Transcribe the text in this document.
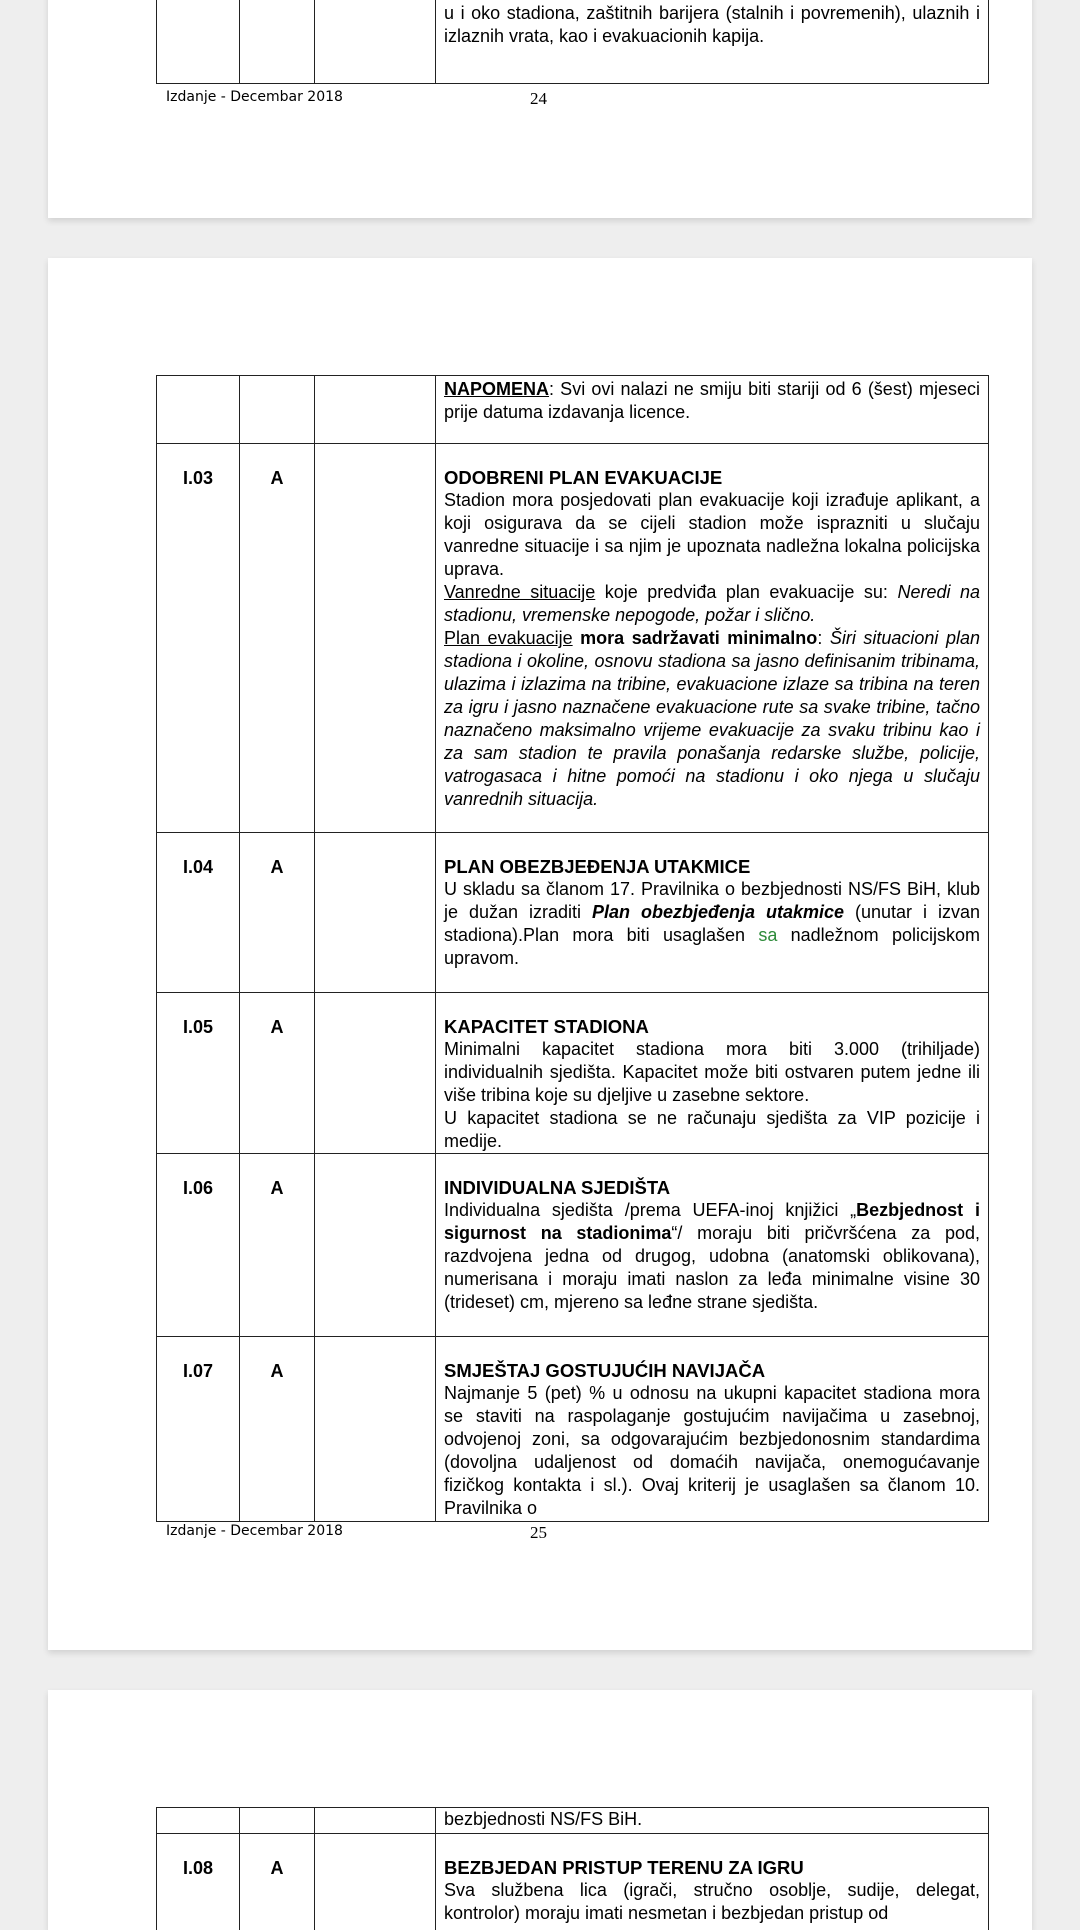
u i oko stadiona, zaštitnih barijera (stalnih i povremenih), ulaznih i izlaznih vrata, kao i evakuacionih kapija.

Izdanje - Decembar 2018	24
			NAPOMENA: Svi ovi nalazi ne smiju biti stariji od 6 (šest) mjeseci prije datuma izdavanja licence.
I.03	A		ODOBRENI PLAN EVAKUACIJE

Stadion mora posjedovati plan evakuacije koji izrađuje aplikant, a koji osigurava da se cijeli stadion može isprazniti u slučaju vanredne situacije i sa njim je upoznata nadležna lokalna policijska uprava.

Vanredne situacije koje predviđa plan evakuacije su: Neredi na stadionu, vremenske nepogode, požar i slično.

Plan evakuacije mora sadržavati minimalno: Širi situacioni plan stadiona i okoline, osnovu stadiona sa jasno definisanim tribinama, ulazima i izlazima na tribine, evakuacione izlaze sa tribina na teren za igru i jasno naznačene evakuacione rute sa svake tribine, tačno naznačeno maksimalno vrijeme evakuacije za svaku tribinu kao i za sam stadion te pravila ponašanja redarske službe, policije, vatrogasaca i hitne pomoći na stadionu i oko njega u slučaju vanrednih situacija.

I.04	A		PLAN OBEZBJEĐENJA UTAKMICE

U skladu sa članom 17. Pravilnika o bezbjednosti NS/FS BiH, klub je dužan izraditi Plan obezbjeđenja utakmice (unutar i izvan stadiona).Plan mora biti usaglašen sa nadležnom policijskom upravom.

I.05	A		KAPACITET STADIONA

Minimalni kapacitet stadiona mora biti 3.000 (trihiljade) individualnih sjedišta. Kapacitet može biti ostvaren putem jedne ili više tribina koje su djeljive u zasebne sektore.

U kapacitet stadiona se ne računaju sjedišta za VIP pozicije i medije.

I.06	A		INDIVIDUALNA SJEDIŠTA

Individualna sjedišta /prema UEFA-inoj knjižici „Bezbjednost i sigurnost na stadionima“/ moraju biti pričvršćena za pod, razdvojena jedna od drugog, udobna (anatomski oblikovana), numerisana i moraju imati naslon za leđa minimalne visine 30 (trideset) cm, mjereno sa leđne strane sjedišta.

I.07	A		SMJEŠTAJ GOSTUJUĆIH NAVIJAČA

Najmanje 5 (pet) % u odnosu na ukupni kapacitet stadiona mora se staviti na raspolaganje gostujućim navijačima u zasebnoj, odvojenoj zoni, sa odgovarajućim bezbjedonosnim standardima (dovoljna udaljenost od domaćih navijača, onemogućavanje fizičkog kontakta i sl.). Ovaj kriterij je usaglašen sa članom 10. Pravilnika o

Izdanje - Decembar 2018	25

			bezbjednosti NS/FS BiH.

I.08	A		BEZBJEDAN PRISTUP TERENU ZA IGRU

Sva službena lica (igrači, stručno osoblje, sudije, delegat, kontrolor) moraju imati nesmetan i bezbjedan pristup od
